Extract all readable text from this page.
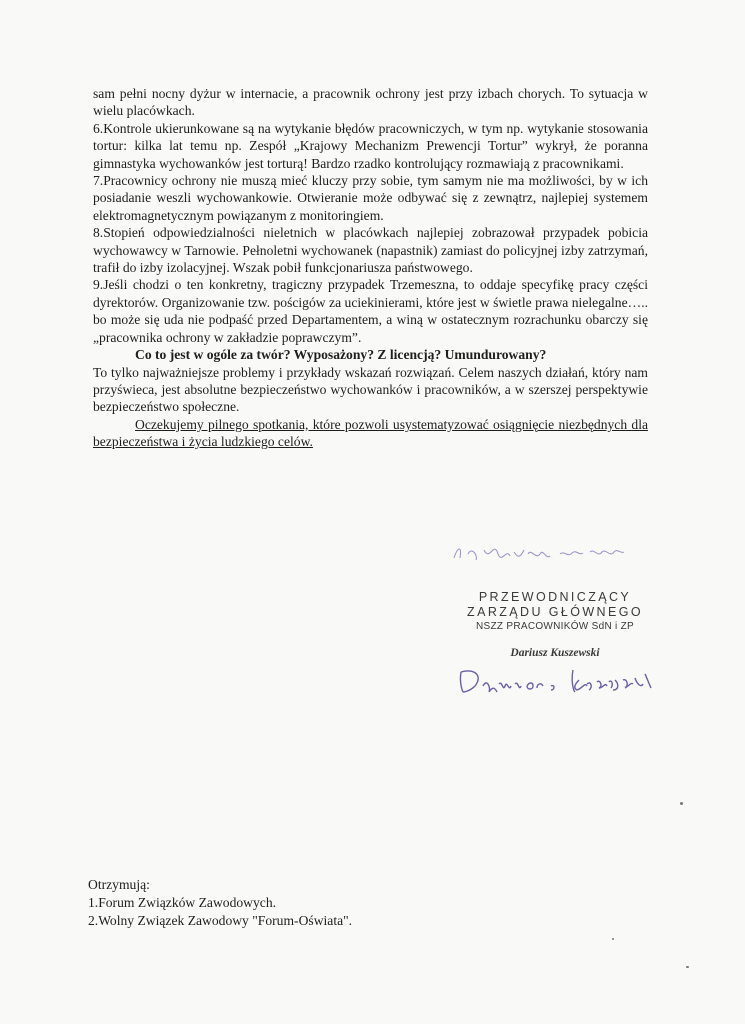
sam pełni nocny dyżur w internacie, a pracownik ochrony jest przy izbach chorych. To sytuacja w wielu placówkach.

6.Kontrole ukierunkowane są na wytykanie błędów pracowniczych, w tym np. wytykanie stosowania tortur: kilka lat temu np. Zespół „Krajowy Mechanizm Prewencji Tortur” wykrył, że poranna gimnastyka wychowanków jest torturą! Bardzo rzadko kontrolujący rozmawiają z pracownikami.

7.Pracownicy ochrony nie muszą mieć kluczy przy sobie, tym samym nie ma możliwości, by w ich posiadanie weszli wychowankowie. Otwieranie może odbywać się z zewnątrz, najlepiej systemem elektromagnetycznym powiązanym z monitoringiem.

8.Stopień odpowiedzialności nieletnich w placówkach najlepiej zobrazował przypadek pobicia wychowawcy w Tarnowie. Pełnoletni wychowanek (napastnik) zamiast do policyjnej izby zatrzymań, trafił do izby izolacyjnej. Wszak pobił funkcjonariusza państwowego.

9.Jeśli chodzi o ten konkretny, tragiczny przypadek Trzemeszna, to oddaje specyfikę pracy części dyrektorów. Organizowanie tzw. pościgów za uciekinierami, które jest w świetle prawa nielegalne….. bo może się uda nie podpaść przed Departamentem, a winą w ostatecznym rozrachunku obarczy się „pracownika ochrony w zakładzie poprawczym”.

Co to jest w ogóle za twór? Wyposażony? Z licencją? Umundurowany?

To tylko najważniejsze problemy i przykłady wskazań rozwiązań. Celem naszych działań, który nam przyświeca, jest absolutne bezpieczeństwo wychowanków i pracowników, a w szerszej perspektywie bezpieczeństwo społeczne.

Oczekujemy pilnego spotkania, które pozwoli usystematyzować osiągnięcie niezbędnych dla bezpieczeństwa i życia ludzkiego celów.

PRZEWODNICZĄCY
ZARZĄDU GŁÓWNEGO
NSZZ PRACOWNIKÓW SdN i ZP
Dariusz Kuszewski

Otrzymują:

1.Forum Związków Zawodowych.

2.Wolny Związek Zawodowy "Forum-Oświata".
